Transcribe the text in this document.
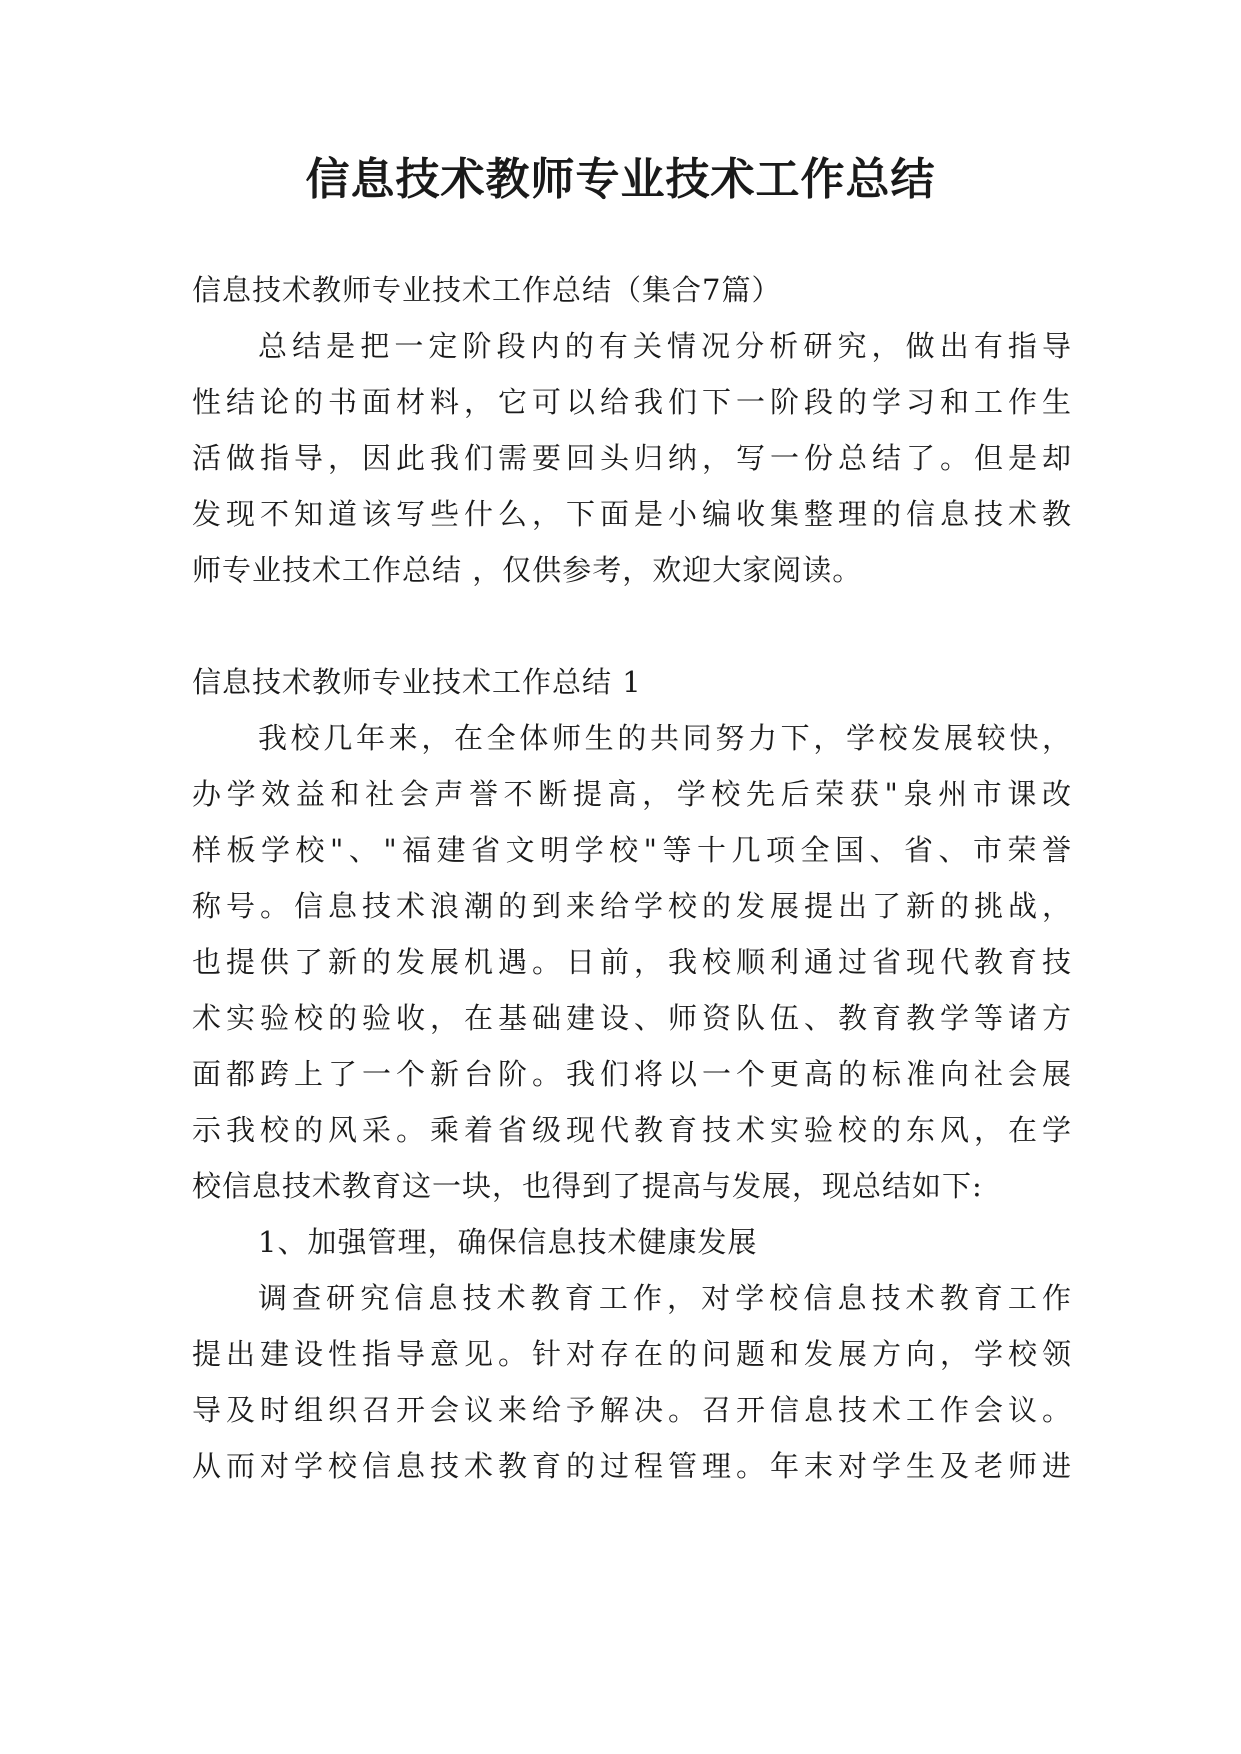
信息技术教师专业技术工作总结
信息技术教师专业技术工作总结（集合7篇）
总结是把一定阶段内的有关情况分析研究，做出有指导
性结论的书面材料，它可以给我们下一阶段的学习和工作生
活做指导，因此我们需要回头归纳，写一份总结了。但是却
发现不知道该写些什么，下面是小编收集整理的信息技术教
师专业技术工作总结 ，仅供参考，欢迎大家阅读。
信息技术教师专业技术工作总结 1
我校几年来，在全体师生的共同努力下，学校发展较快，
办学效益和社会声誉不断提高，学校先后荣获"泉州市课改
样板学校"、"福建省文明学校"等十几项全国、省、市荣誉
称号。信息技术浪潮的到来给学校的发展提出了新的挑战，
也提供了新的发展机遇。日前，我校顺利通过省现代教育技
术实验校的验收，在基础建设、师资队伍、教育教学等诸方
面都跨上了一个新台阶。我们将以一个更高的标准向社会展
示我校的风采。乘着省级现代教育技术实验校的东风，在学
校信息技术教育这一块，也得到了提高与发展，现总结如下:
1、加强管理，确保信息技术健康发展
调查研究信息技术教育工作，对学校信息技术教育工作
提出建设性指导意见。针对存在的问题和发展方向，学校领
导及时组织召开会议来给予解决。召开信息技术工作会议。
从而对学校信息技术教育的过程管理。年末对学生及老师进
